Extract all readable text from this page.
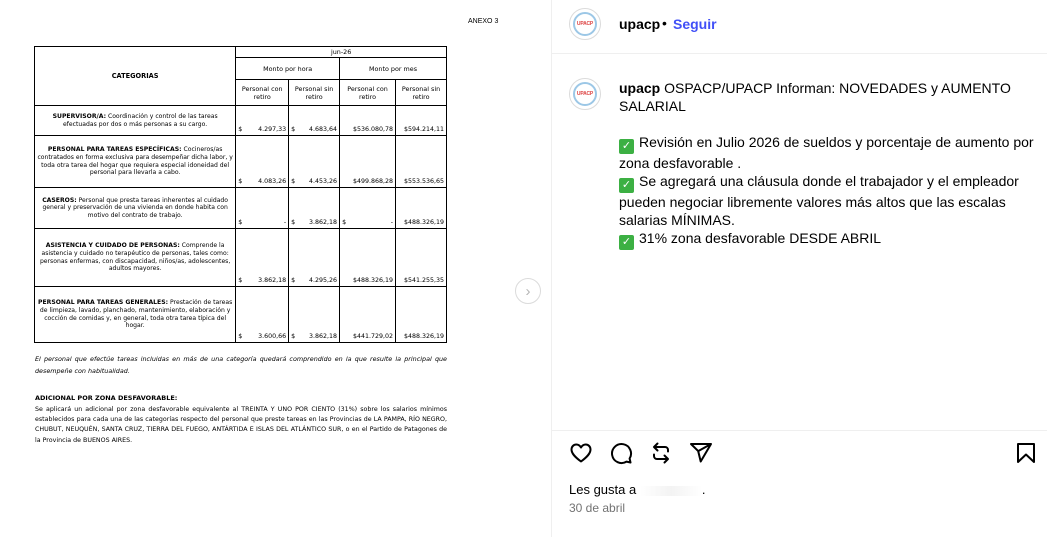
ANEXO 3
CATEGORIAS	jun-26			
	Monto por hora		Monto por mes	
	Personal con retiro	Personal sin retiro	Personal con retiro	Personal sin retiro
SUPERVISOR/A: Coordinación y control de las tareas efectuadas por dos o más personas a su cargo.	$ 4.297,33	$ 4.683,64	$536.080,78	$594.214,11
PERSONAL PARA TAREAS ESPECÍFICAS: Cocineros/as contratados en forma exclusiva para desempeñar dicha labor, y toda otra tarea del hogar que requiera especial idoneidad del personal para llevarla a cabo.	$ 4.083,26	$ 4.453,26	$499.868,28	$553.536,65
CASEROS: Personal que presta tareas inherentes al cuidado general y preservación de una vivienda en donde habita con motivo del contrato de trabajo.	$ -	$ 3.862,18	$ -	$488.326,19
ASISTENCIA Y CUIDADO DE PERSONAS: Comprende la asistencia y cuidado no terapéutico de personas, tales como: personas enfermas, con discapacidad, niños/as, adolescentes, adultos mayores.	$ 3.862,18	$ 4.295,26	$488.326,19	$541.255,35
PERSONAL PARA TAREAS GENERALES: Prestación de tareas de limpieza, lavado, planchado, mantenimiento, elaboración y cocción de comidas y, en general, toda otra tarea típica del hogar.	$ 3.600,66	$ 3.862,18	$441.729,02	$488.326,19
El personal que efectúe tareas incluidas en más de una categoría quedará comprendido en la que resulte la principal que desempeñe con habitualidad.
ADICIONAL POR ZONA DESFAVORABLE:
Se aplicará un adicional por zona desfavorable equivalente al TREINTA Y UNO POR CIENTO (31%) sobre los salarios mínimos establecidos para cada una de las categorías respecto del personal que preste tareas en las Provincias de LA PAMPA, RÍO NEGRO, CHUBUT, NEUQUÉN, SANTA CRUZ, TIERRA DEL FUEGO, ANTÁRTIDA E ISLAS DEL ATLÁNTICO SUR, o en el Partido de Patagones de la Provincia de BUENOS AIRES.
›
UPACP upacp • Seguir
UPACP upacp OSPACP/UPACP Informan: NOVEDADES y AUMENTO SALARIAL

✓ Revisión en Julio 2026 de sueldos y porcentaje de aumento por zona desfavorable .

✓ Se agregará una cláusula donde el trabajador y el empleador pueden negociar libremente valores más altos que las escalas salarias MÍNIMAS.

✓ 31% zona desfavorable DESDE ABRIL

Les gusta a	.
30 de abril
